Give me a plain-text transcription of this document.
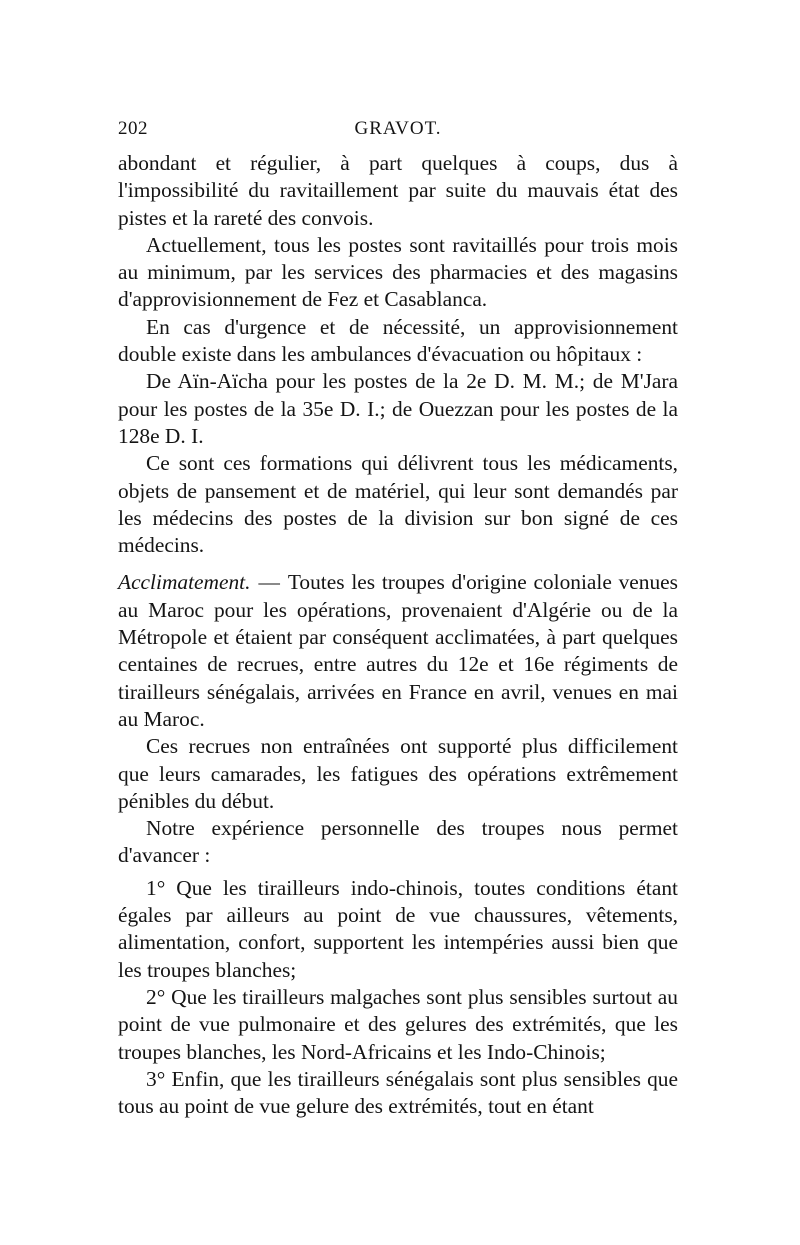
202	GRAVOT.

abondant et régulier, à part quelques à coups, dus à l'impossibilité du ravitaillement par suite du mauvais état des pistes et la rareté des convois.

Actuellement, tous les postes sont ravitaillés pour trois mois au minimum, par les services des pharmacies et des magasins d'approvisionnement de Fez et Casablanca.

En cas d'urgence et de nécessité, un approvisionnement double existe dans les ambulances d'évacuation ou hôpitaux :

De Aïn-Aïcha pour les postes de la 2e D. M. M.; de M'Jara pour les postes de la 35e D. I.; de Ouezzan pour les postes de la 128e D. I.

Ce sont ces formations qui délivrent tous les médicaments, objets de pansement et de matériel, qui leur sont demandés par les médecins des postes de la division sur bon signé de ces médecins.

Acclimatement. — Toutes les troupes d'origine coloniale venues au Maroc pour les opérations, provenaient d'Algérie ou de la Métropole et étaient par conséquent acclimatées, à part quelques centaines de recrues, entre autres du 12e et 16e régiments de tirailleurs sénégalais, arrivées en France en avril, venues en mai au Maroc.

Ces recrues non entraînées ont supporté plus difficilement que leurs camarades, les fatigues des opérations extrêmement pénibles du début.

Notre expérience personnelle des troupes nous permet d'avancer :

1° Que les tirailleurs indo-chinois, toutes conditions étant égales par ailleurs au point de vue chaussures, vêtements, alimentation, confort, supportent les intempéries aussi bien que les troupes blanches;

2° Que les tirailleurs malgaches sont plus sensibles surtout au point de vue pulmonaire et des gelures des extrémités, que les troupes blanches, les Nord-Africains et les Indo-Chinois;

3° Enfin, que les tirailleurs sénégalais sont plus sensibles que tous au point de vue gelure des extrémités, tout en étant
